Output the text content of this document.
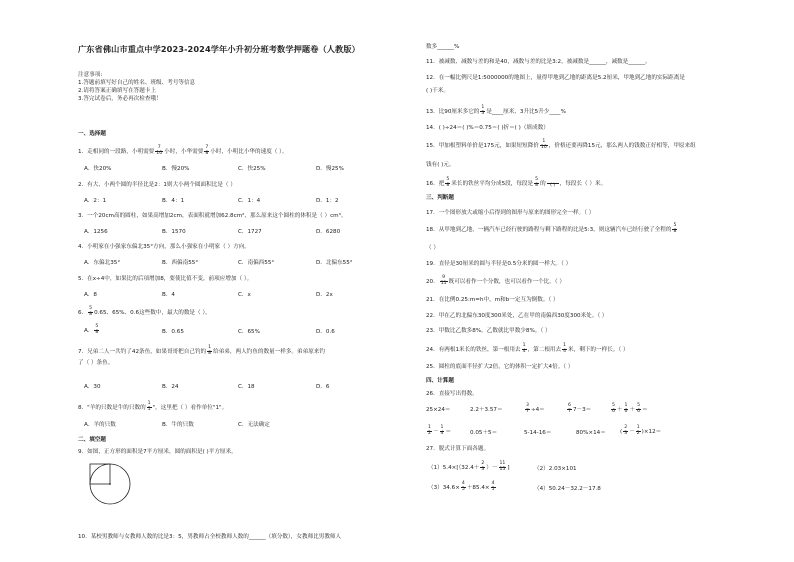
广东省佛山市重点中学2023-2024学年小升初分班考数学押题卷（人教版）
注意事项:
1.答题前填写好自己的姓名、班级、考号等信息
2.请将答案正确填写在答题卡上
3.答完试卷后，务必再次检查哦！
一、选择题
1．走相同的一段路，小明需要 $\frac{7}{10}$ 小时，小华需要 $\frac{7}{8}$ 小时，小明比小华的速度（ ）。
A．快20%	B．慢20%	C．快25%	D．慢25%
2．有大、小两个圆的半径比是2：1则大小两个圆面积比是（ ）
A．2：1	B．4：1	C．1：4	D．1：2
3．一个20cm高的圆柱，如果高增加2cm，表面积就增加62.8cm²，那么原来这个圆柱的体积是（ ）cm³。
A．1256	B．1570	C．1727	D．6280
4．小明家在小强家东偏北35°方向，那么小强家在小明家（ ）方向。
A．东偏北35°	B．西偏南55°	C．南偏西55°	D．北偏东55°
5．在x÷4中，如果比的后项增加8，要使比值不变，前项应增加（ ）。
A．8	B．4	C．x	D．2x
6． $\frac{5}{8} 0.65$、65%、0.6这些数中，最大的数是（ ）。
A． $\frac{5}{8}$	B．0.65	C．65%	D．0.6
7．兄弟二人一共钓了42条鱼，如果哥哥把自己钓的 $\frac{1}{8}$ 给弟弟，两人钓鱼的数量一样多。弟弟原来钓
了（ ）条鱼。
A．30	B．24	C．18	D．6
8．"羊的只数是牛的只数的 $\frac{1}{5}$ "，这里把（ ）看作单位"1"。
A．羊的只数	B．牛的只数	C．无法确定
二、填空题
9．如图，正方形的面积是7平方厘米，圆的面积是( )平方厘米。
10．某校男教师与女教师人数的比是3：5，男教师占全校教师人数的______（填分数），女教师比男教师人
数多______%
11．被减数、减数与差的和是40，减数与差的比是3:2，被减数是______，减数是______。
12．在一幅比例尺是1:5000000的地图上，量得甲地到乙地的距离是5.2厘米，甲地到乙地的实际距离是
( )千米。
13．比90厘米多它的 $\frac{1}{3}$ 是____厘米，3升比5升少____%
14．( )÷24＝( )%＝0.75＝( )折＝( )（填成数）
15．甲加根塑料单价是175元，如果短短降价 $\frac{1}{10}$ ，价格还要再降15元，那么两人的钱数正好相等，甲原来组
钱有( )元。
16．把 $\frac{5}{8}$ 米长的铁丝平均分成5段，每段是 $\frac{5}{8}$ 的
( ) ，每段长（ ）米。
三、判断题
17．一个图形放大或缩小后得到的图形与原来的图形完全一样。（ ）
18．从甲地到乙地，一辆汽车已经行驶的路程与剩下路程的比是5:3，则这辆汽车已经行驶了全程的 $\frac{5}{8}$
（ ）
19．直径是30厘米的圆与半径是0.5分米的圆一样大。（ ）
20． $\frac{9}{11}$ 既可以看作一个分数，也可以看作一个比。（ ）
21．在比例0.25:m=h中，m和b一定互为倒数。（ ）
22．甲在乙的北偏东30度300米处，乙在甲的南偏西30度300米处。（ ）
23．甲数比乙数多8%，乙数就比甲数少8%。（ ）
24．有两根1米长的铁丝，第一根用去 $\frac{1}{4}$ ，第二根用去 $\frac{1}{4}$ 米，剩下的一样长。（ ）
25．圆柱的底面半径扩大2倍，它的体积一定扩大4倍。（ ）
四、计算题
26．直接写出得数。
25×24＝	2.2＋3.57＝	$\frac{3}{7} \div 4=$	$\frac{6}{7} 7-3=$	$\frac{5}{6} + \frac{1}{6} + \frac{5}{6}$ ＝
$\frac{1}{2} - \frac{1}{4}$ ＝	0.05＋5＝	5-14-16＝	80%×14＝	( $\frac{2}{3} - \frac{1}{2} )\times 12=$
27．脱式计算下面各题。
$(1)5.4\times[(32.4+ \frac{2}{3}$ ）－ $\frac{11}{15}$ ]	（2）2.03×101
$(3)34.6\times \frac{4}{5} +85.4\times \frac{4}{5}$	（4）50.24－32.2－17.8
